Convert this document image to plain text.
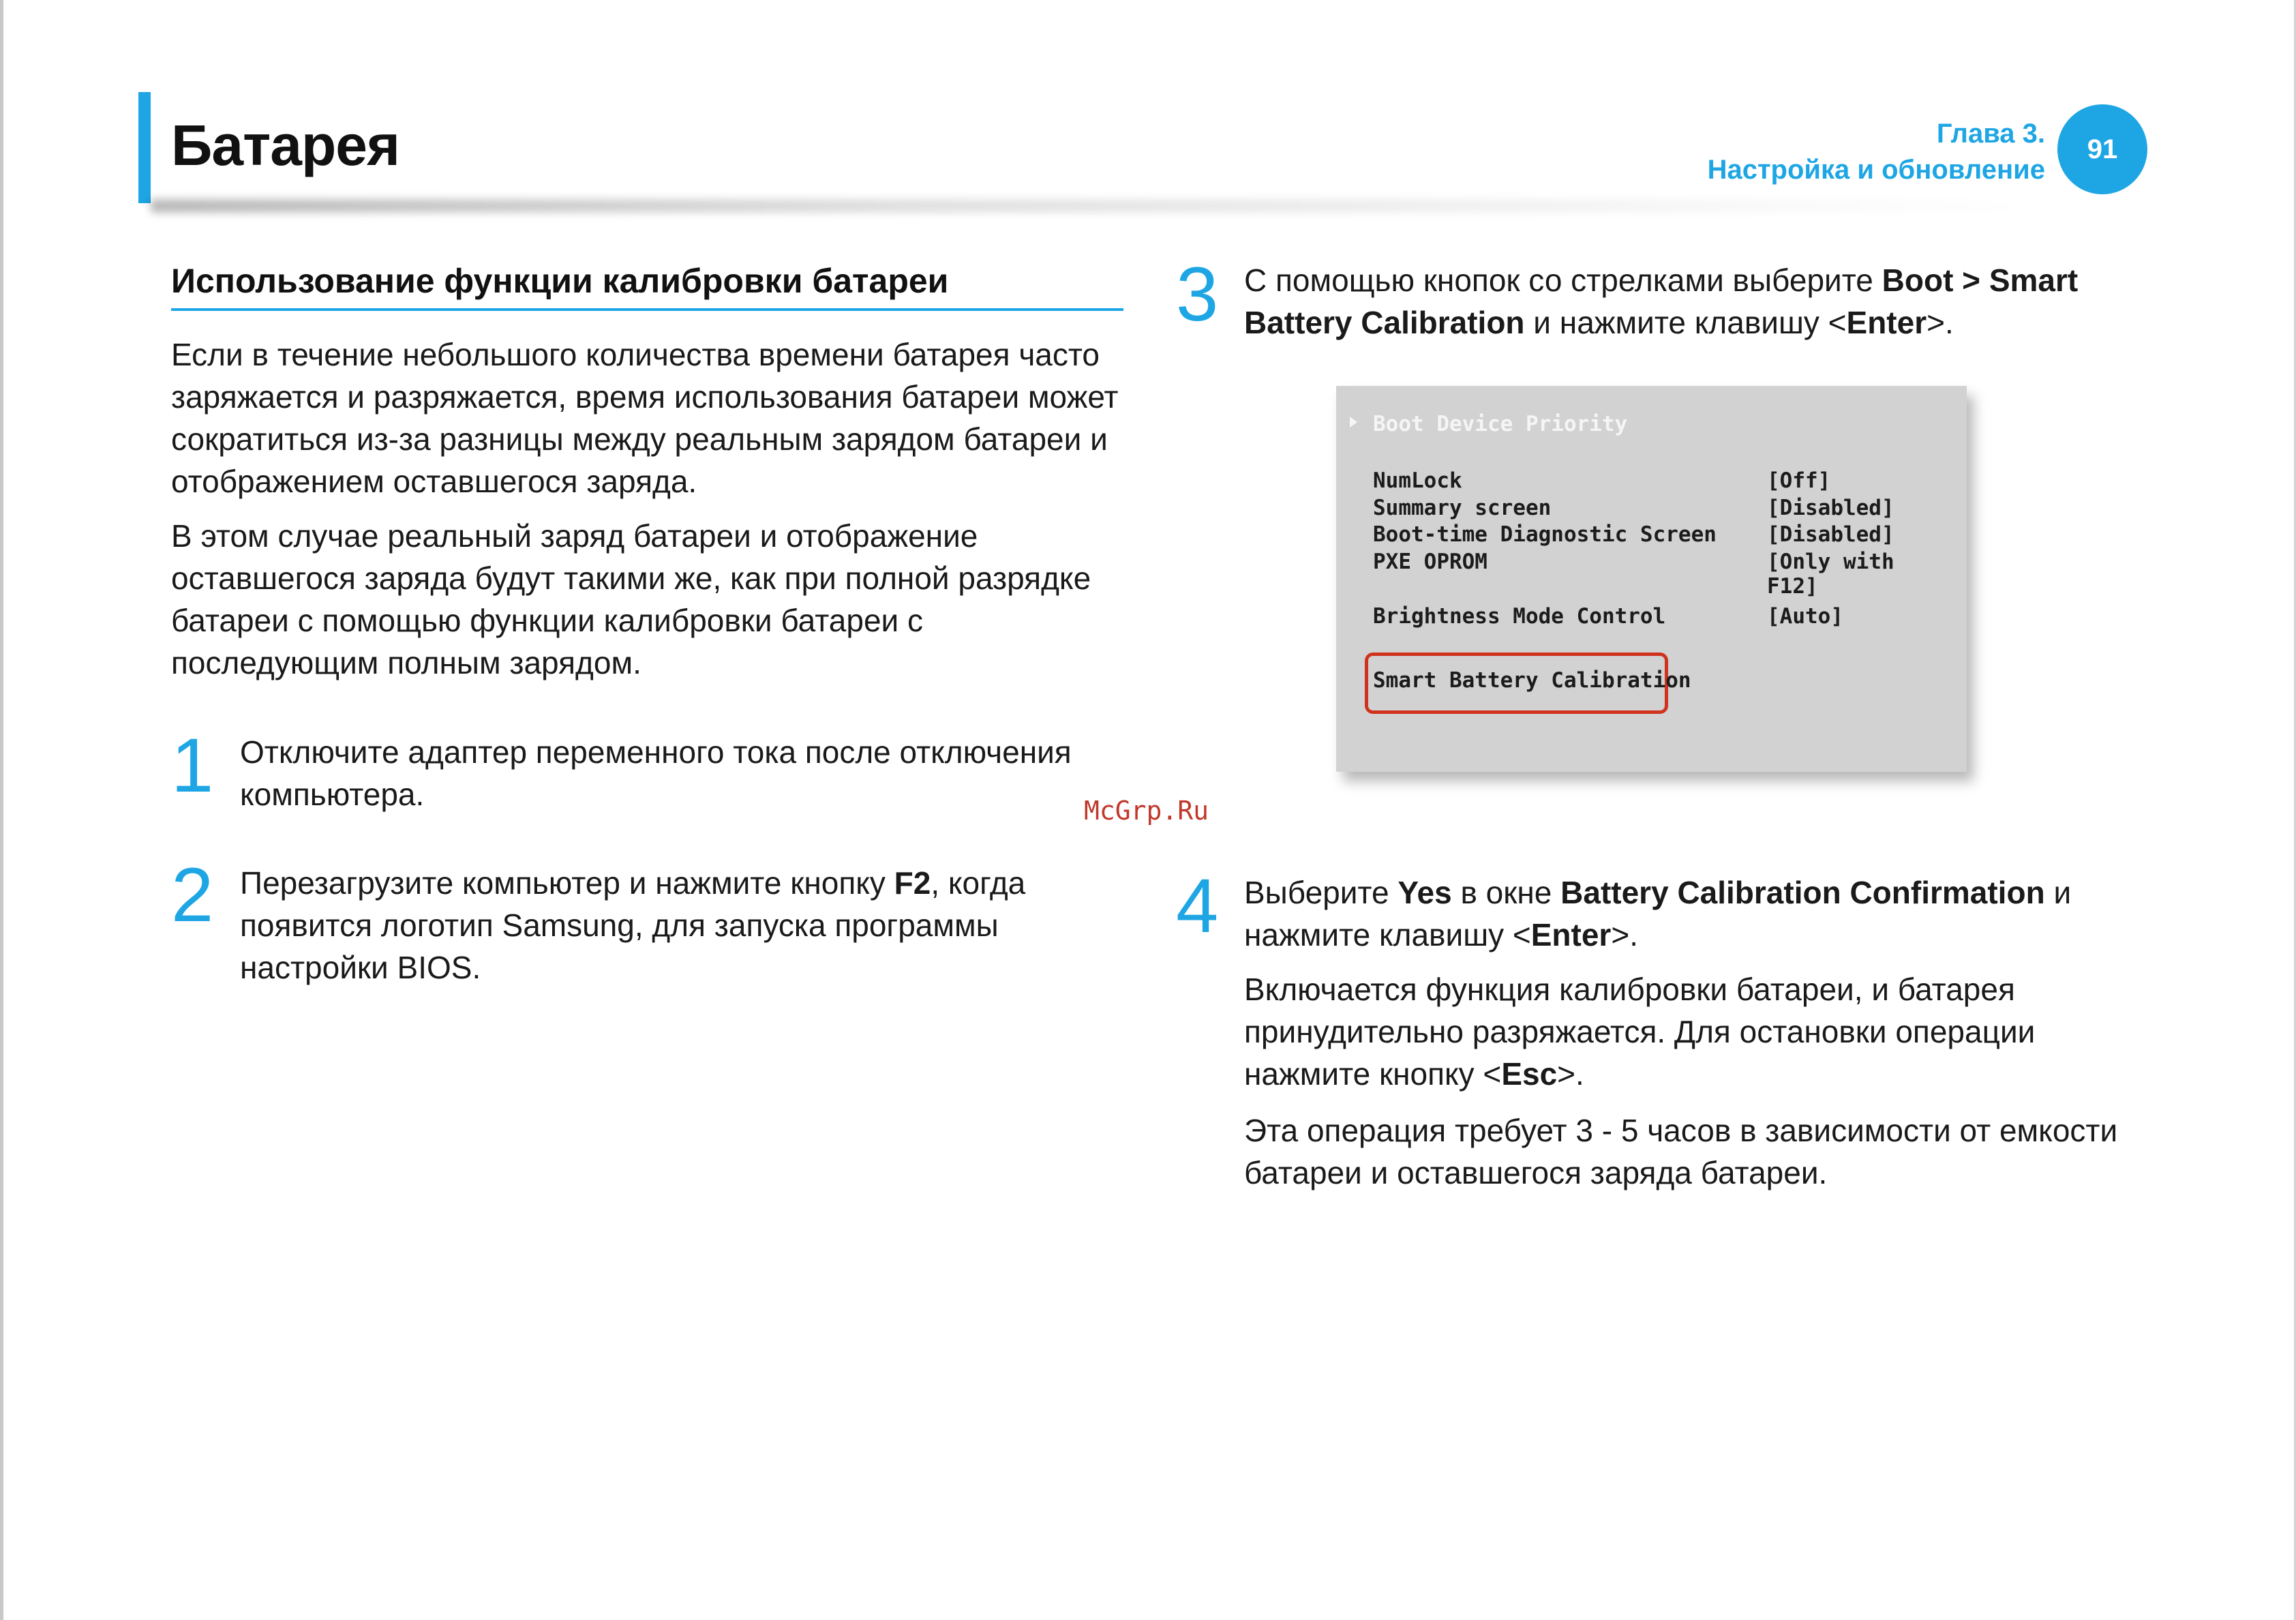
Батарея	Глава 3.
Настройка и обновление
91
Использование функции калибровки батареи

Если в течение небольшого количества времени батарея часто заряжается и разряжается, время использования батареи может сократиться из-за разницы между реальным зарядом батареи и отображением оставшегося заряда.

В этом случае реальный заряд батареи и отображение оставшегося заряда будут такими же, как при полной разрядке батареи с помощью функции калибровки батареи с последующим полным зарядом.

1 Отключите адаптер переменного тока после отключения компьютера.

2 Перезагрузите компьютер и нажмите кнопку F2, когда появится логотип Samsung, для запуска программы настройки BIOS.

McGrp.Ru
3 С помощью кнопок со стрелками выберите Boot > Smart Battery Calibration и нажмите клавишу <Enter>.

Boot Device Priority
NumLock	[Off]
Summary screen	[Disabled]
Boot-time Diagnostic Screen [Disabled]
PXE OPROM	[Only with F12]
Brightness Mode Control	[Auto]
Smart Battery Calibration
4 Выберите Yes в окне Battery Calibration Confirmation и нажмите клавишу <Enter>.

Включается функция калибровки батареи, и батарея принудительно разряжается. Для остановки операции нажмите кнопку <Esc>.

Эта операция требует 3 - 5 часов в зависимости от емкости батареи и оставшегося заряда батареи.
